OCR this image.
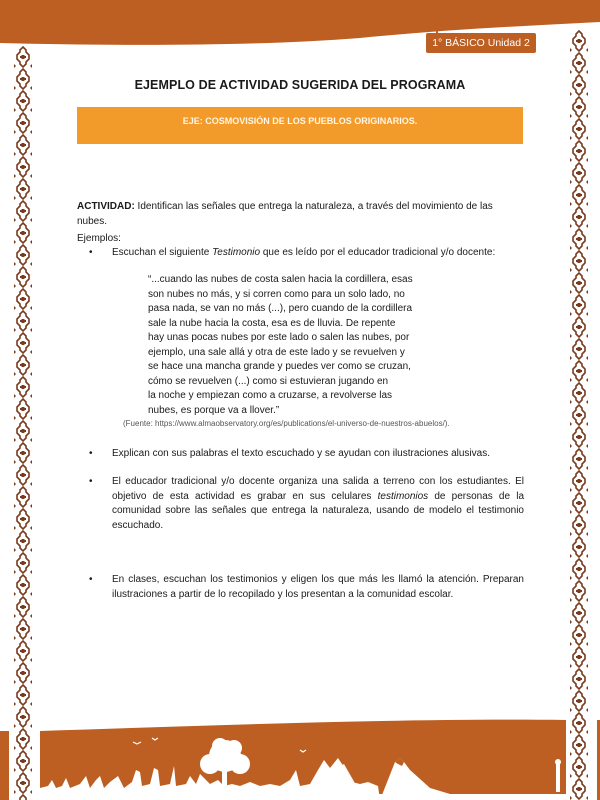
1° BÁSICO Unidad 2
EJEMPLO DE ACTIVIDAD SUGERIDA DEL PROGRAMA
EJE: COSMOVISIÓN DE LOS PUEBLOS ORIGINARIOS.
ACTIVIDAD: Identifican las señales que entrega la naturaleza, a través del movimiento de las nubes.
Ejemplos:
• Escuchan el siguiente Testimonio que es leído por el educador tradicional y/o docente:
“...cuando las nubes de costa salen hacia la cordillera, esas
son nubes no más, y si corren como para un solo lado, no
pasa nada, se van no más (...), pero cuando de la cordillera
sale la nube hacia la costa, esa es de lluvia. De repente
hay unas pocas nubes por este lado o salen las nubes, por
ejemplo, una sale allá y otra de este lado y se revuelven y
se hace una mancha grande y puedes ver como se cruzan,
cómo se revuelven (...) como si estuvieran jugando en
la noche y empiezan como a cruzarse, a revolverse las
nubes, es porque va a llover.”
(Fuente: https://www.almaobservatory.org/es/publications/el-universo-de-nuestros-abuelos/).
• Explican con sus palabras el texto escuchado y se ayudan con ilustraciones alusivas.
• El educador tradicional y/o docente organiza una salida a terreno con los estudiantes. El objetivo de esta actividad es grabar en sus celulares testimonios de personas de la comunidad sobre las señales que entrega la naturaleza, usando de modelo el testimonio escuchado.
• En clases, escuchan los testimonios y eligen los que más les llamó la atención. Preparan ilustraciones a partir de lo recopilado y los presentan a la comunidad escolar.
